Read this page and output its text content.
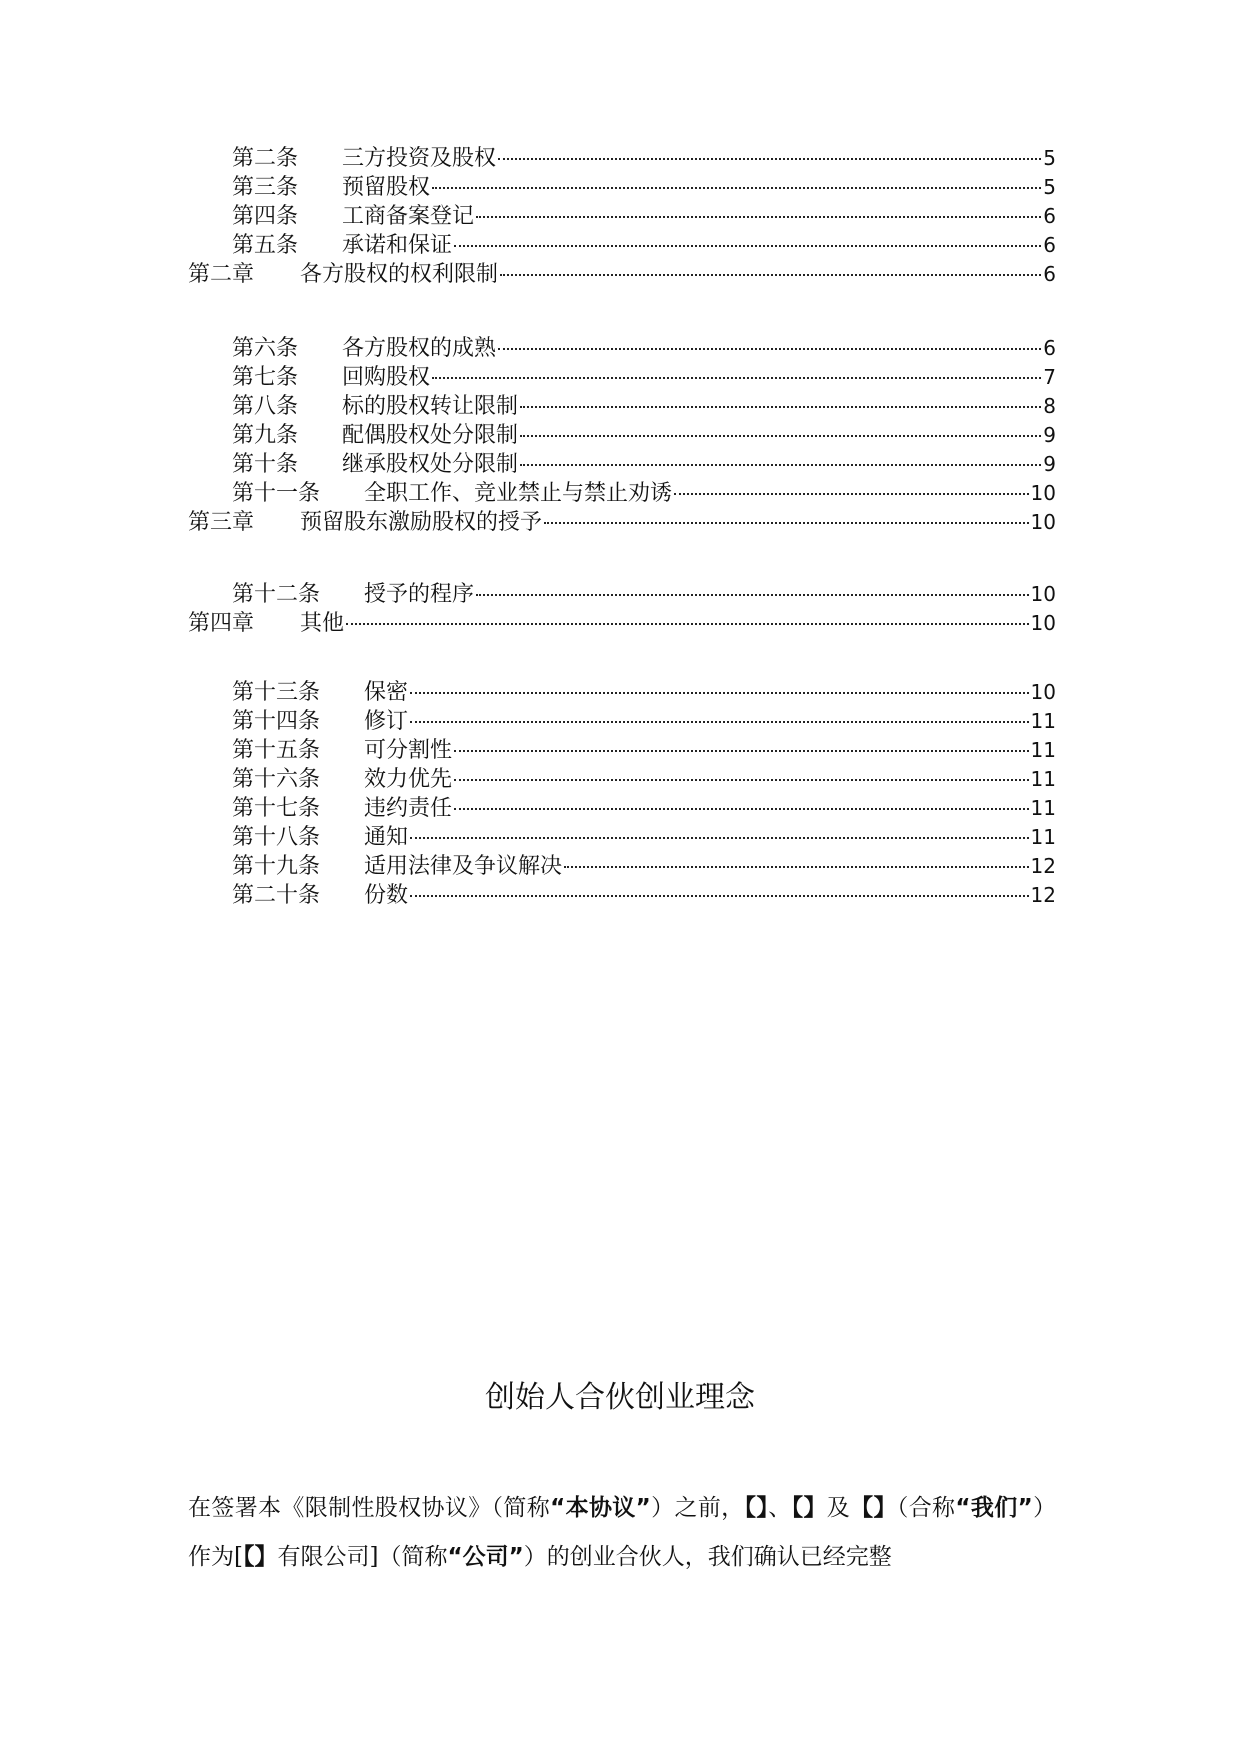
第二条	三方投资及股权	5
第三条	预留股权	5
第四条	工商备案登记	6
第五条	承诺和保证	6
第二章	各方股权的权利限制	6
第六条	各方股权的成熟	6
第七条	回购股权	7
第八条	标的股权转让限制	8
第九条	配偶股权处分限制	9
第十条	继承股权处分限制	9
第十一条	全职工作、竞业禁止与禁止劝诱	10
第三章	预留股东激励股权的授予	10
第十二条	授予的程序	10
第四章	其他	10
第十三条	保密	10
第十四条	修订	11
第十五条	可分割性	11
第十六条	效力优先	11
第十七条	违约责任	11
第十八条	通知	11
第十九条	适用法律及争议解决	12
第二十条	份数	12
创始人合伙创业理念
在签署本《限制性股权协议》（简称“本协议”）之前，【】、【】及【】（合称“我们”）作为[【】有限公司]（简称“公司”）的创业合伙人，我们确认已经完整
